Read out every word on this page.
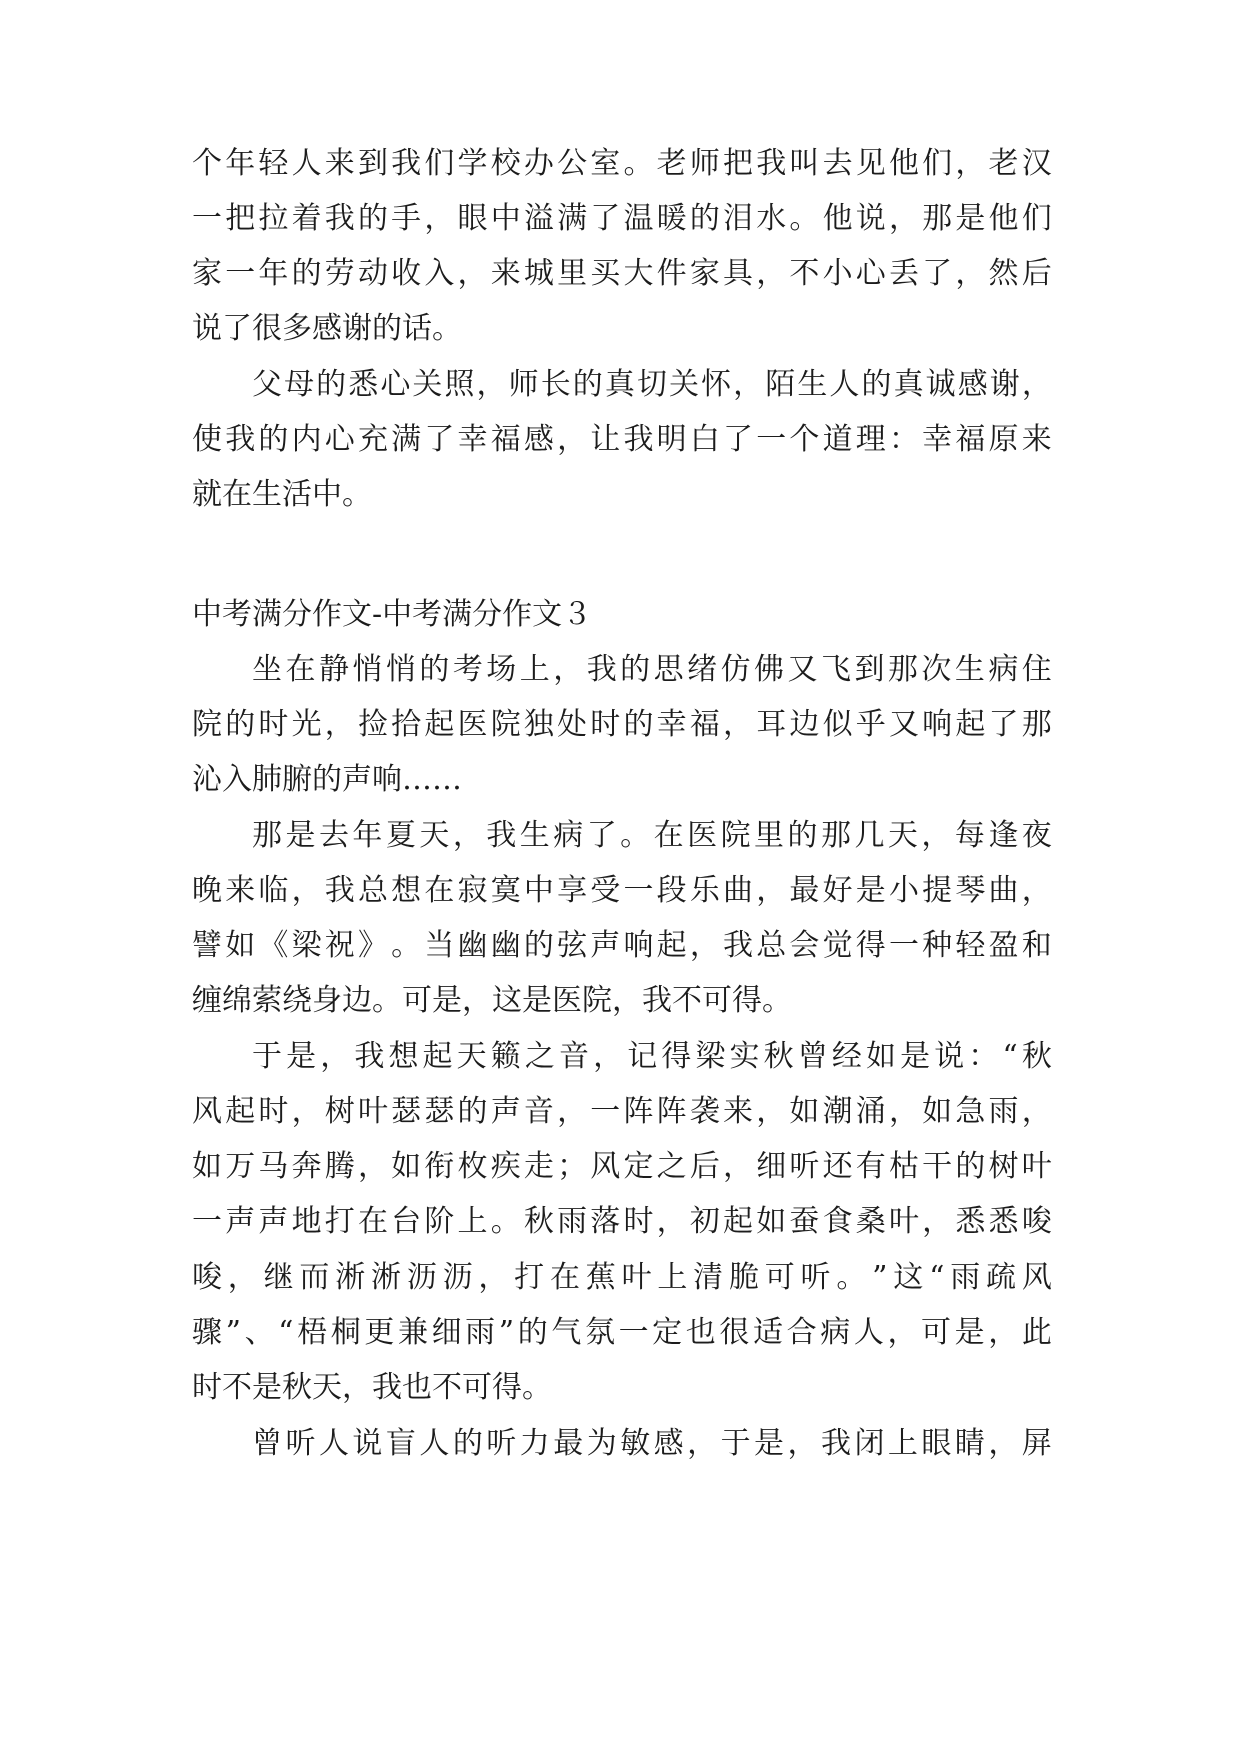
个 年 轻 人 来 到 我 们 学 校 办 公 室 。 老 师 把 我 叫 去 见 他 们 ， 老 汉

一 把 拉 着 我 的 手 ， 眼 中 溢 满 了 温 暖 的 泪 水 。 他 说 ， 那 是 他 们

家 一 年 的 劳 动 收 入 ， 来 城 里 买 大 件 家 具 ， 不 小 心 丢 了 ， 然 后

说了很多感谢的话。

父 母 的 悉 心 关 照 ， 师 长 的 真 切 关 怀 ， 陌 生 人 的 真 诚 感 谢 ，

使 我 的 内 心 充 满 了 幸 福 感 ， 让 我 明 白 了 一 个 道 理 ： 幸 福 原 来

就在生活中。

中考满分作文-中考满分作文３

坐 在 静 悄 悄 的 考 场 上 ， 我 的 思 绪 仿 佛 又 飞 到 那 次 生 病 住

院 的 时 光 ， 捡 拾 起 医 院 独 处 时 的 幸 福 ， 耳 边 似 乎 又 响 起 了 那

沁入肺腑的声响……

那 是 去 年 夏 天 ， 我 生 病 了 。 在 医 院 里 的 那 几 天 ， 每 逢 夜

晚 来 临 ， 我 总 想 在 寂 寞 中 享 受 一 段 乐 曲 ， 最 好 是 小 提 琴 曲 ，

譬 如 《 梁 祝 》 。 当 幽 幽 的 弦 声 响 起 ， 我 总 会 觉 得 一 种 轻 盈 和

缠绵萦绕身边。可是，这是医院，我不可得。

于 是 ， 我 想 起 天 籁 之 音 ， 记 得 梁 实 秋 曾 经 如 是 说 ： “ 秋

风 起 时 ， 树 叶 瑟 瑟 的 声 音 ， 一 阵 阵 袭 来 ， 如 潮 涌 ， 如 急 雨 ，

如 万 马 奔 腾 ， 如 衔 枚 疾 走 ； 风 定 之 后 ， 细 听 还 有 枯 干 的 树 叶

一 声 声 地 打 在 台 阶 上 。 秋 雨 落 时 ， 初 起 如 蚕 食 桑 叶 ， 悉 悉 唆

唆 ， 继 而 淅 淅 沥 沥 ， 打 在 蕉 叶 上 清 脆 可 听 。 ” 这 “ 雨 疏 风

骤 ” 、 “ 梧 桐 更 兼 细 雨 ” 的 气 氛 一 定 也 很 适 合 病 人 ， 可 是 ， 此

时不是秋天，我也不可得。

曾 听 人 说 盲 人 的 听 力 最 为 敏 感 ， 于 是 ， 我 闭 上 眼 睛 ， 屏
